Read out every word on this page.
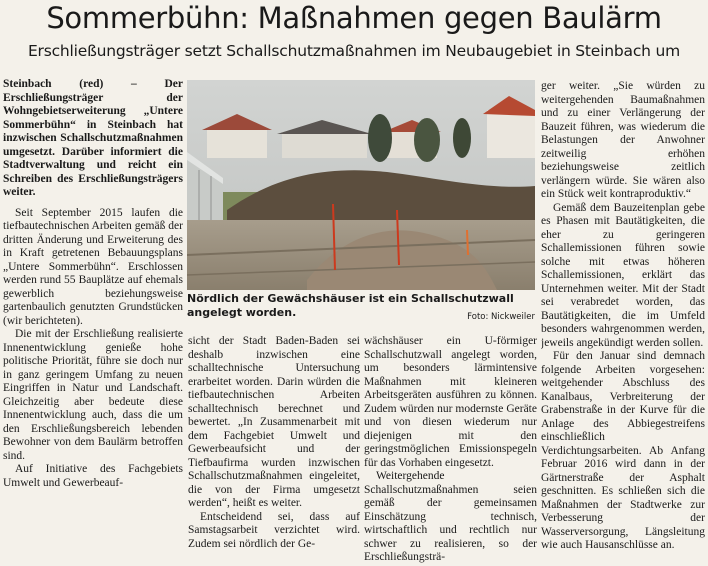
Sommerbühn: Maßnahmen gegen Baulärm
Erschließungsträger setzt Schallschutzmaßnahmen im Neubaugebiet in Steinbach um

Steinbach (red) – Der Erschließungsträger der Wohngebietserweiterung „Untere Sommerbühn“ in Steinbach hat inzwischen Schallschutzmaßnahmen umgesetzt. Darüber informiert die Stadtverwaltung und reicht ein Schreiben des Erschließungsträgers weiter.

Seit September 2015 laufen die tiefbautechnischen Arbeiten gemäß der dritten Änderung und Erweiterung des in Kraft getretenen Bebauungsplans „Untere Sommerbühn“. Erschlossen werden rund 55 Bauplätze auf ehemals gewerblich beziehungsweise gartenbaulich genutzten Grundstücken (wir berichteten).

Die mit der Erschließung realisierte Innenentwicklung genieße hohe politische Priorität, führe sie doch nur in ganz geringem Umfang zu neuen Eingriffen in Natur und Landschaft. Gleichzeitig aber bedeute diese Innenentwicklung auch, dass die um den Erschließungsbereich lebenden Bewohner von dem Baulärm betroffen sind.

Auf Initiative des Fachgebiets Umwelt und Gewerbeauf-

Nördlich der Gewächshäuser ist ein Schallschutzwall angelegt worden.	Foto: Nickweiler

sicht der Stadt Baden-Baden sei deshalb inzwischen eine schalltechnische Untersuchung erarbeitet worden. Darin würden die tiefbautechnischen Arbeiten schalltechnisch berechnet und bewertet. „In Zusammenarbeit mit dem Fachgebiet Umwelt und Gewerbeaufsicht und der Tiefbaufirma wurden inzwischen Schallschutzmaßnahmen eingeleitet, die von der Firma umgesetzt werden“, heißt es weiter.

Entscheidend sei, dass auf Samstagsarbeit verzichtet wird. Zudem sei nördlich der Ge-

wächshäuser ein U-förmiger Schallschutzwall angelegt worden, um besonders lärmintensive Maßnahmen mit kleineren Arbeitsgeräten ausführen zu können. Zudem würden nur modernste Geräte und von diesen wiederum nur diejenigen mit den geringstmöglichen Emissionspegeln für das Vorhaben eingesetzt.

Weitergehende Schallschutzmaßnahmen seien gemäß der gemeinsamen Einschätzung technisch, wirtschaftlich und rechtlich nur schwer zu realisieren, so der Erschließungsträ-

ger weiter. „Sie würden zu weitergehenden Baumaßnahmen und zu einer Verlängerung der Bauzeit führen, was wiederum die Belastungen der Anwohner zeitweilig erhöhen beziehungsweise zeitlich verlängern würde. Sie wären also ein Stück weit kontraproduktiv.“

Gemäß dem Bauzeitenplan gebe es Phasen mit Bautätigkeiten, die eher zu geringeren Schallemissionen führen sowie solche mit etwas höheren Schallemissionen, erklärt das Unternehmen weiter. Mit der Stadt sei verabredet worden, das Bautätigkeiten, die im Umfeld besonders wahrgenommen werden, jeweils angekündigt werden sollen.

Für den Januar sind demnach folgende Arbeiten vorgesehen: weitgehender Abschluss des Kanalbaus, Verbreiterung der Grabenstraße in der Kurve für die Anlage des Abbiegestreifens einschließlich Verdichtungsarbeiten. Ab Anfang Februar 2016 wird dann in der Gärtnerstraße der Asphalt geschnitten. Es schließen sich die Maßnahmen der Stadtwerke zur Verbesserung der Wasserversorgung, Längsleitung wie auch Hausanschlüsse an.
